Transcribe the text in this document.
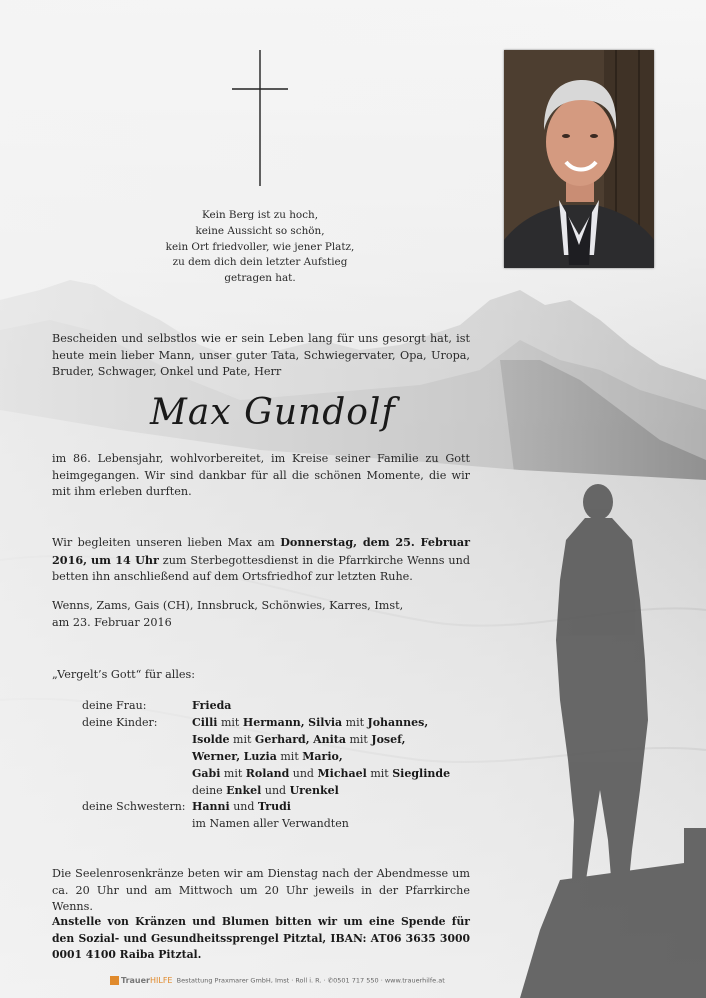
Kein Berg ist zu hoch,
keine Aussicht so schön,
kein Ort friedvoller, wie jener Platz,
zu dem dich dein letzter Aufstieg getragen hat.
Bescheiden und selbstlos wie er sein Leben lang für uns gesorgt hat, ist heute mein lieber Mann, unser guter Tata, Schwiegervater, Opa, Uropa, Bruder, Schwager, Onkel und Pate, Herr
Max Gundolf
im 86. Lebensjahr, wohlvorbereitet, im Kreise seiner Familie zu Gott heimgegangen. Wir sind dankbar für all die schönen Momente, die wir mit ihm erleben durften.
Wir begleiten unseren lieben Max am Donnerstag, dem 25. Februar 2016, um 14 Uhr zum Sterbegottesdienst in die Pfarrkirche Wenns und betten ihn anschließend auf dem Ortsfriedhof zur letzten Ruhe.
Wenns, Zams, Gais (CH), Innsbruck, Schönwies, Karres, Imst,
am 23. Februar 2016
„Vergelt’s Gott“ für alles:
deine Frau:	Frieda
deine Kinder:	Cilli mit Hermann, Silvia mit Johannes,
	Isolde mit Gerhard, Anita mit Josef,
	Werner, Luzia mit Mario,
	Gabi mit Roland und Michael mit Sieglinde
	deine Enkel und Urenkel
deine Schwestern:	Hanni und Trudi
	im Namen aller Verwandten
Die Seelenrosenkränze beten wir am Dienstag nach der Abendmesse um ca. 20 Uhr und am Mittwoch um 20 Uhr jeweils in der Pfarrkirche Wenns.
Anstelle von Kränzen und Blumen bitten wir um eine Spende für den Sozial- und Gesundheitssprengel Pitztal, IBAN: AT06 3635 3000 0001 4100 Raiba Pitztal.
TrauerHILFE Bestattung Praxmarer GmbH, Imst · Roll i. R. · ✆0501 717 550 · www.trauerhilfe.at
